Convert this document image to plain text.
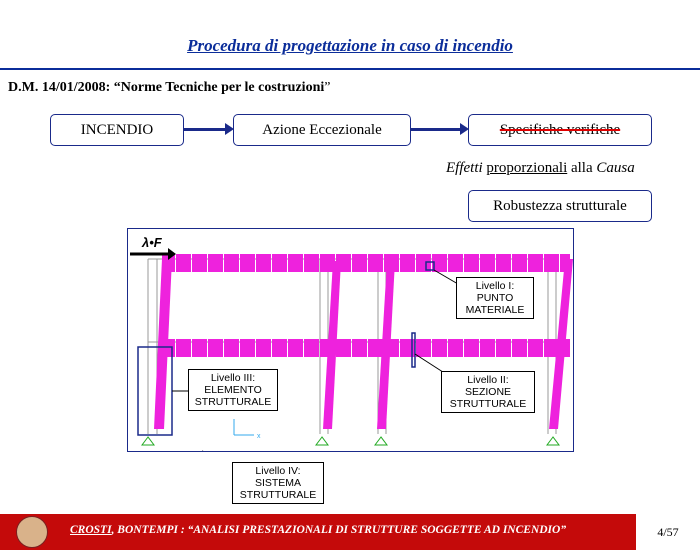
Procedura di progettazione in caso di incendio
D.M. 14/01/2008: “Norme Tecniche per le costruzioni”
INCENDIO	Azione Eccezionale	Specifiche verifiche
Effetti proporzionali alla Causa
Robustezza strutturale
x
λ•F
Livello I:
PUNTO
MATERIALE
Livello II:
SEZIONE
STRUTTURALE
Livello III:
ELEMENTO
STRUTTURALE
Livello IV:
SISTEMA
STRUTTURALE
CROSTI, BONTEMPI : “ANALISI PRESTAZIONALI DI STRUTTURE SOGGETTE AD INCENDIO”	4/57
